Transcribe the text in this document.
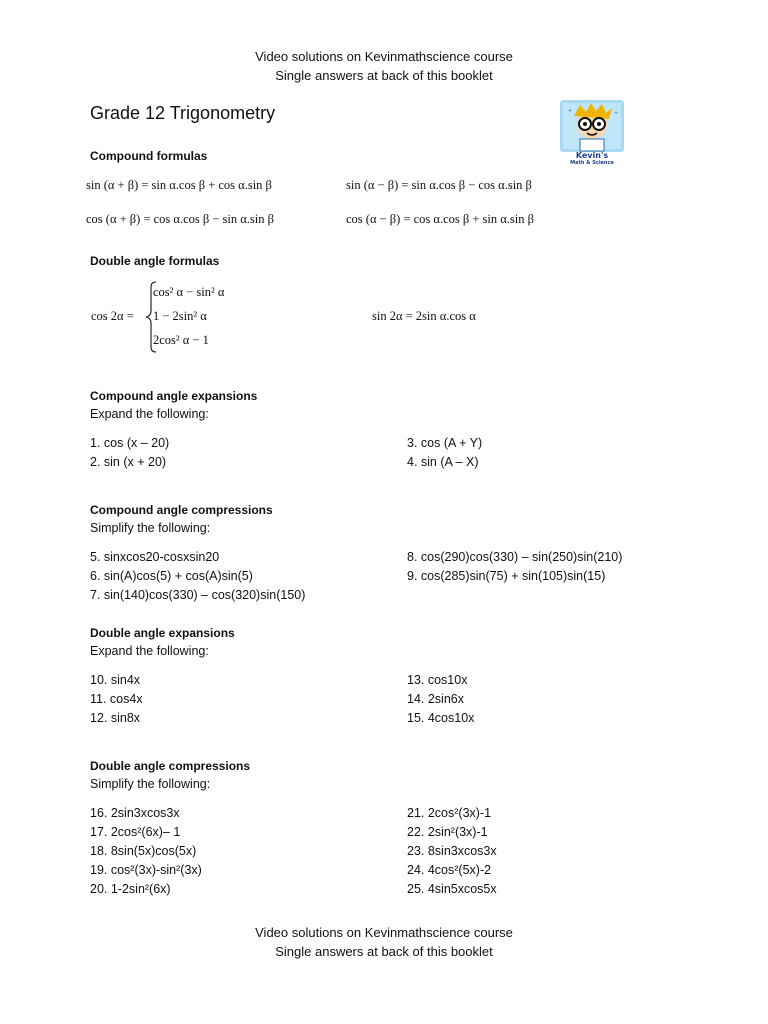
Video solutions on Kevinmathscience course
Single answers at back of this booklet
Grade 12 Trigonometry	+	÷
Kevin's
Math & Science
Compound formulas
sin (α + β) = sin α.cos β + cos α.sin β	sin (α − β) = sin α.cos β − cos α.sin β
cos (α + β) = cos α.cos β − sin α.sin β	cos (α − β) = cos α.cos β + sin α.sin β
Double angle formulas
cos 2α =
cos² α − sin² α
1 − 2sin² α
2cos² α − 1
sin 2α = 2sin α.cos α
Compound angle expansions
Expand the following:
1. cos (x – 20)
2. sin (x + 20)
3. cos (A + Y)
4. sin (A – X)
Compound angle compressions
Simplify the following:
5. sinxcos20-cosxsin20
6. sin(A)cos(5) + cos(A)sin(5)
7. sin(140)cos(330) – cos(320)sin(150)
8. cos(290)cos(330) – sin(250)sin(210)
9. cos(285)sin(75) + sin(105)sin(15)
Double angle expansions
Expand the following:
10. sin4x
11. cos4x
12. sin8x
13. cos10x
14. 2sin6x
15. 4cos10x
Double angle compressions
Simplify the following:
16. 2sin3xcos3x
17. 2cos²(6x)– 1
18. 8sin(5x)cos(5x)
19. cos²(3x)-sin²(3x)
20. 1-2sin²(6x)
21. 2cos²(3x)-1
22. 2sin²(3x)-1
23. 8sin3xcos3x
24. 4cos²(5x)-2
25. 4sin5xcos5x
Video solutions on Kevinmathscience course
Single answers at back of this booklet
